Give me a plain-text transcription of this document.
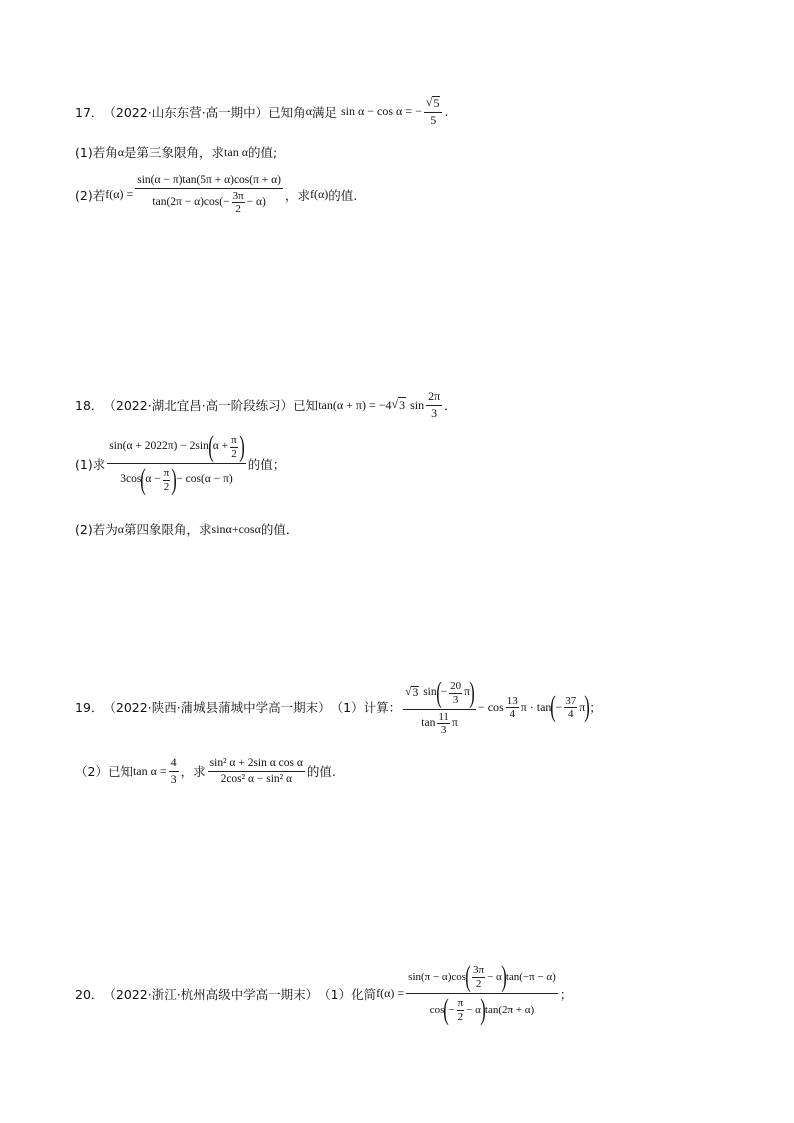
17． （2022·山东东营·高一期中） 已知角 α 满足 sin α − cos α = − $\frac{√ 5}{5}$ .
(1)若角 α 是第三象限角，求 tan α 的值;
(2)若 $f(\alpha) = \frac{\sin(\alpha - \pi)\tan(5\pi + \alpha)\cos(\pi + \alpha)}{\tan(2\pi - \alpha)\cos(- \frac{3\pi}{2} - \alpha)}$ ，求 f(α) 的值.
18． （2022·湖北宜昌·高一阶段练习） 已知 tan(α + π) = −4 √ 3 $\sin \frac{2\pi}{3}$ ．
(1)求 $\frac{\sin(\alpha + 2022\pi) - 2\sin ( \alpha + \frac{\pi}{2} )}{3\cos ( \alpha - \frac{\pi}{2} ) - \cos(\alpha - \pi)}$ 的值；
(2)若为 α 第四象限角，求 sinα+cosα 的值．
19． （2022·陕西·蒲城县蒲城中学高一期末） （1）计算：
√ 3 sin ( − $\frac{20}{3}$ π )
tan 11
3
π
− cos 13
4 π · tan ( − $\frac{37}{4}$ π ) ；
（2）已知 $\tan \alpha = \frac{4}{3}$ ，求 $\frac{\text{sin² α + 2sin α cos α}}{\text{2cos² α − sin² α}}$ 的值.
20． （2022·浙江·杭州高级中学高一期末） （1）化简 f(α) =
sin(π − α)cos ( 3π
2
− α ) tan(−π − α)
cos ( − $\frac{\pi}{2} - \alpha$ ) tan(2π + α)
；
